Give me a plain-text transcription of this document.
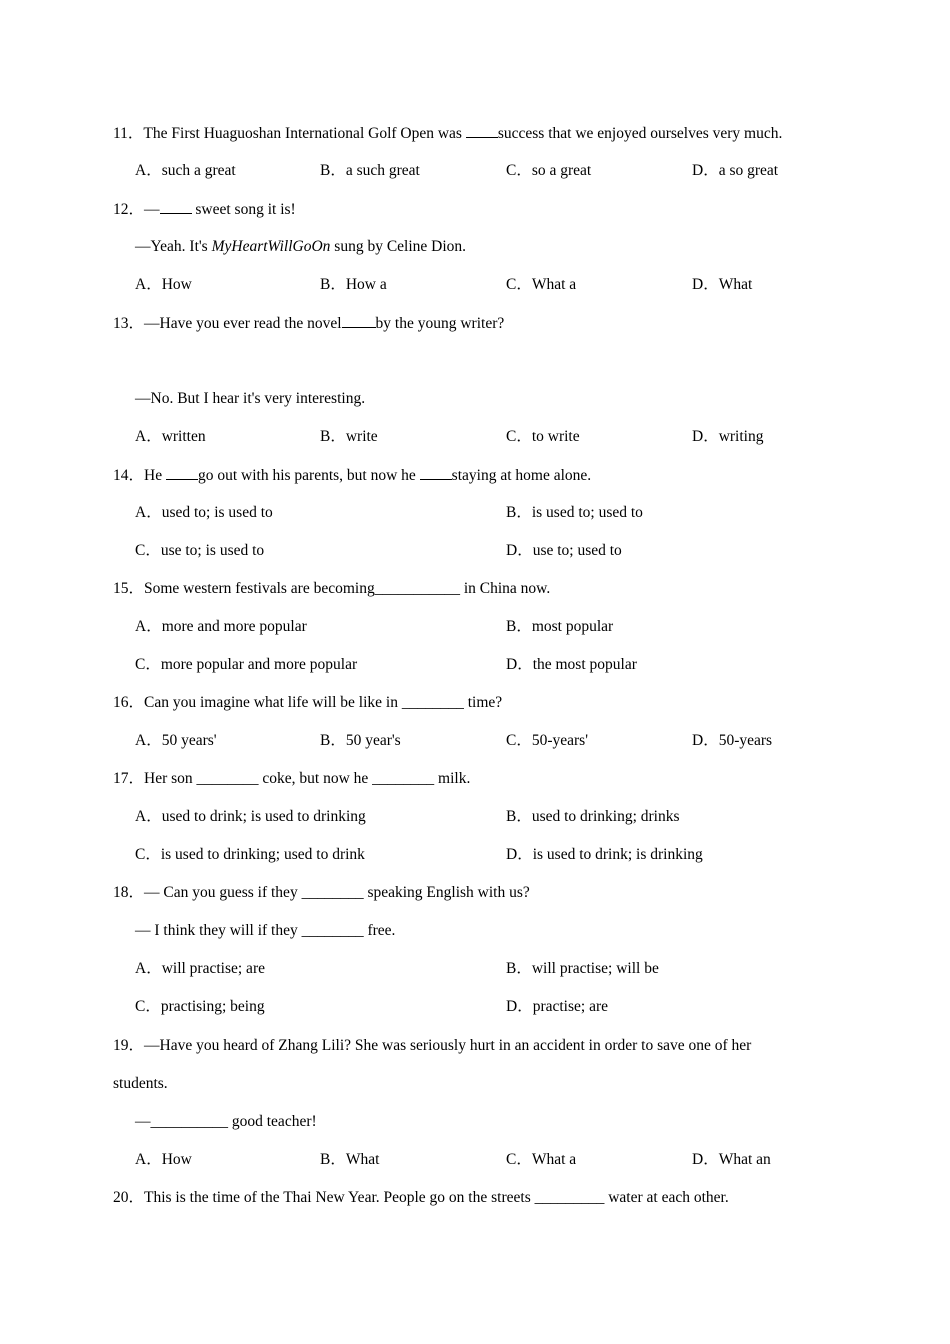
11．The First Huaguoshan International Golf Open was success that we enjoyed ourselves very much.
A．such a great	B．a such great	C．so a great	D．a so great
12．— sweet song it is!
—Yeah. It's MyHeartWillGoOn sung by Celine Dion.
A．How	B．How a	C．What a	D．What
13．—Have you ever read the novel by the young writer?
—No. But I hear it's very interesting.
A．written	B．write	C．to write	D．writing
14．He go out with his parents, but now he staying at home alone.
A．used to; is used to	B．is used to; used to
C．use to; is used to	D．use to; used to
15．Some western festivals are becoming___________ in China now.
A．more and more popular	B．most popular
C．more popular and more popular	D．the most popular
16．Can you imagine what life will be like in ________ time?
A．50 years'	B．50 year's	C．50-years'	D．50-years
17．Her son ________ coke, but now he ________ milk.
A．used to drink; is used to drinking	B．used to drinking; drinks
C．is used to drinking; used to drink	D．is used to drink; is drinking
18．— Can you guess if they ________ speaking English with us?
— I think they will if they ________ free.
A．will practise; are	B．will practise; will be
C．practising; being	D．practise; are
19．—Have you heard of Zhang Lili? She was seriously hurt in an accident in order to save one of her
students.
—__________ good teacher!
A．How	B．What	C．What a	D．What an
20．This is the time of the Thai New Year. People go on the streets _________ water at each other.
